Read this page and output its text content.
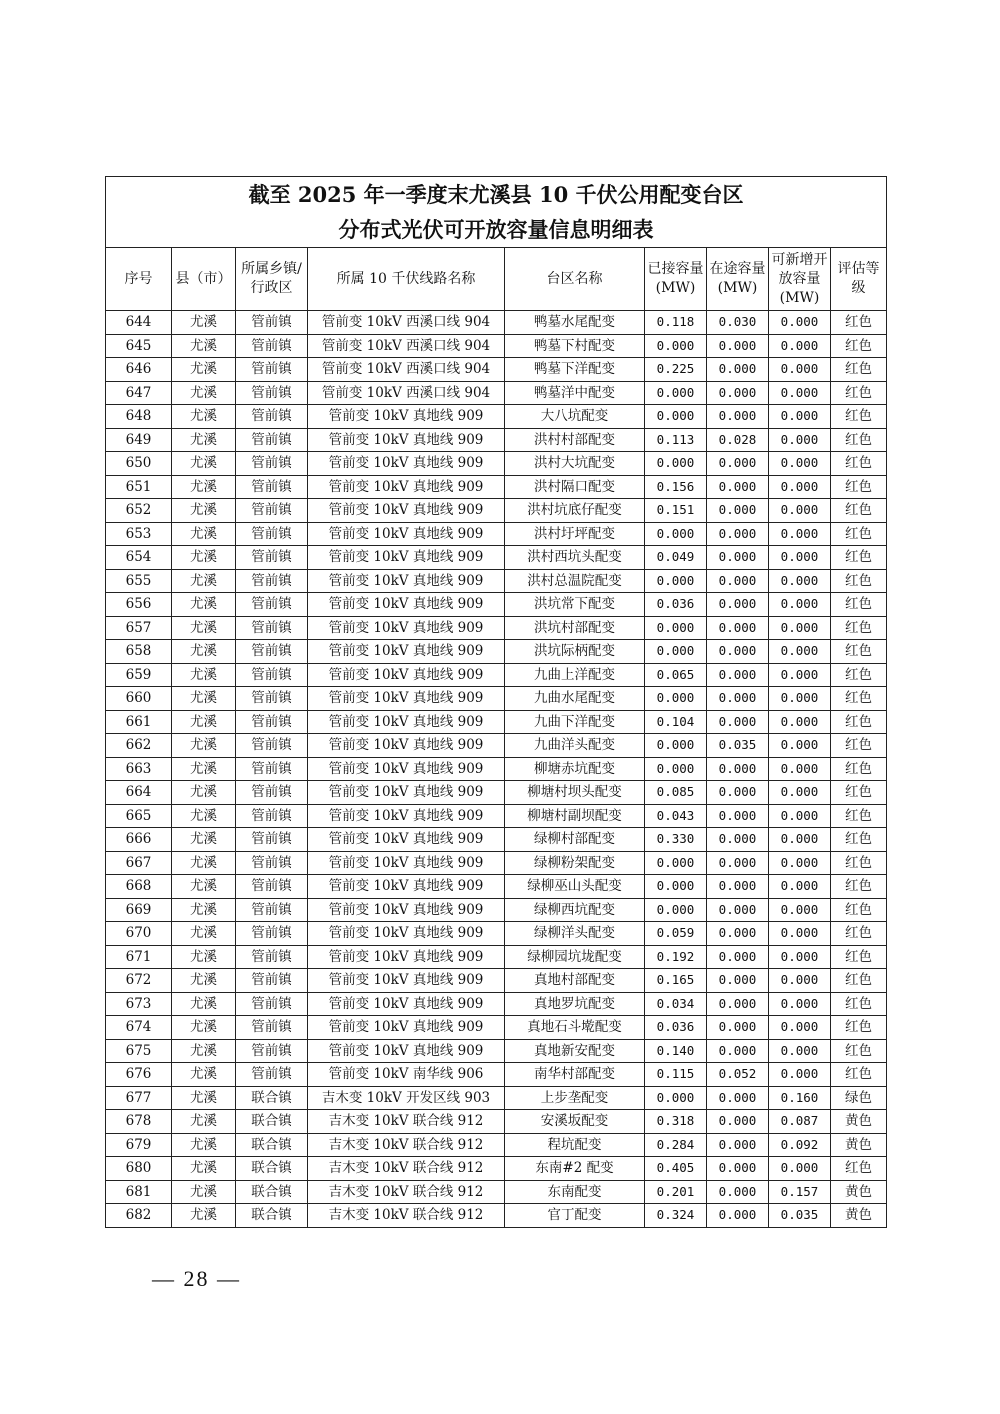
截至 2025 年一季度末尤溪县 10 千伏公用配变台区
分布式光伏可开放容量信息明细表								

序号	县（市）	所属乡镇/行政区	所属 10 千伏线路名称	台区名称	已接容量(MW)	在途容量(MW)	可新增开放容量(MW)	评估等级
644	尤溪	管前镇	管前变 10kV 西溪口线 904	鸭墓水尾配变	0.118	0.030	0.000	红色
645	尤溪	管前镇	管前变 10kV 西溪口线 904	鸭墓下村配变	0.000	0.000	0.000	红色
646	尤溪	管前镇	管前变 10kV 西溪口线 904	鸭墓下洋配变	0.225	0.000	0.000	红色
647	尤溪	管前镇	管前变 10kV 西溪口线 904	鸭墓洋中配变	0.000	0.000	0.000	红色
648	尤溪	管前镇	管前变 10kV 真地线 909	大八坑配变	0.000	0.000	0.000	红色
649	尤溪	管前镇	管前变 10kV 真地线 909	洪村村部配变	0.113	0.028	0.000	红色
650	尤溪	管前镇	管前变 10kV 真地线 909	洪村大坑配变	0.000	0.000	0.000	红色
651	尤溪	管前镇	管前变 10kV 真地线 909	洪村隔口配变	0.156	0.000	0.000	红色
652	尤溪	管前镇	管前变 10kV 真地线 909	洪村坑底仔配变	0.151	0.000	0.000	红色
653	尤溪	管前镇	管前变 10kV 真地线 909	洪村圩坪配变	0.000	0.000	0.000	红色
654	尤溪	管前镇	管前变 10kV 真地线 909	洪村西坑头配变	0.049	0.000	0.000	红色
655	尤溪	管前镇	管前变 10kV 真地线 909	洪村总温院配变	0.000	0.000	0.000	红色
656	尤溪	管前镇	管前变 10kV 真地线 909	洪坑常下配变	0.036	0.000	0.000	红色
657	尤溪	管前镇	管前变 10kV 真地线 909	洪坑村部配变	0.000	0.000	0.000	红色
658	尤溪	管前镇	管前变 10kV 真地线 909	洪坑际柄配变	0.000	0.000	0.000	红色
659	尤溪	管前镇	管前变 10kV 真地线 909	九曲上洋配变	0.065	0.000	0.000	红色
660	尤溪	管前镇	管前变 10kV 真地线 909	九曲水尾配变	0.000	0.000	0.000	红色
661	尤溪	管前镇	管前变 10kV 真地线 909	九曲下洋配变	0.104	0.000	0.000	红色
662	尤溪	管前镇	管前变 10kV 真地线 909	九曲洋头配变	0.000	0.035	0.000	红色
663	尤溪	管前镇	管前变 10kV 真地线 909	柳塘赤坑配变	0.000	0.000	0.000	红色
664	尤溪	管前镇	管前变 10kV 真地线 909	柳塘村坝头配变	0.085	0.000	0.000	红色
665	尤溪	管前镇	管前变 10kV 真地线 909	柳塘村副坝配变	0.043	0.000	0.000	红色
666	尤溪	管前镇	管前变 10kV 真地线 909	绿柳村部配变	0.330	0.000	0.000	红色
667	尤溪	管前镇	管前变 10kV 真地线 909	绿柳粉架配变	0.000	0.000	0.000	红色
668	尤溪	管前镇	管前变 10kV 真地线 909	绿柳巫山头配变	0.000	0.000	0.000	红色
669	尤溪	管前镇	管前变 10kV 真地线 909	绿柳西坑配变	0.000	0.000	0.000	红色
670	尤溪	管前镇	管前变 10kV 真地线 909	绿柳洋头配变	0.059	0.000	0.000	红色
671	尤溪	管前镇	管前变 10kV 真地线 909	绿柳园坑垅配变	0.192	0.000	0.000	红色
672	尤溪	管前镇	管前变 10kV 真地线 909	真地村部配变	0.165	0.000	0.000	红色
673	尤溪	管前镇	管前变 10kV 真地线 909	真地罗坑配变	0.034	0.000	0.000	红色
674	尤溪	管前镇	管前变 10kV 真地线 909	真地石斗墘配变	0.036	0.000	0.000	红色
675	尤溪	管前镇	管前变 10kV 真地线 909	真地新安配变	0.140	0.000	0.000	红色
676	尤溪	管前镇	管前变 10kV 南华线 906	南华村部配变	0.115	0.052	0.000	红色
677	尤溪	联合镇	吉木变 10kV 开发区线 903	上步垄配变	0.000	0.000	0.160	绿色
678	尤溪	联合镇	吉木变 10kV 联合线 912	安溪坂配变	0.318	0.000	0.087	黄色
679	尤溪	联合镇	吉木变 10kV 联合线 912	程坑配变	0.284	0.000	0.092	黄色
680	尤溪	联合镇	吉木变 10kV 联合线 912	东南#2 配变	0.405	0.000	0.000	红色
681	尤溪	联合镇	吉木变 10kV 联合线 912	东南配变	0.201	0.000	0.157	黄色
682	尤溪	联合镇	吉木变 10kV 联合线 912	官丁配变	0.324	0.000	0.035	黄色
— 28 —
